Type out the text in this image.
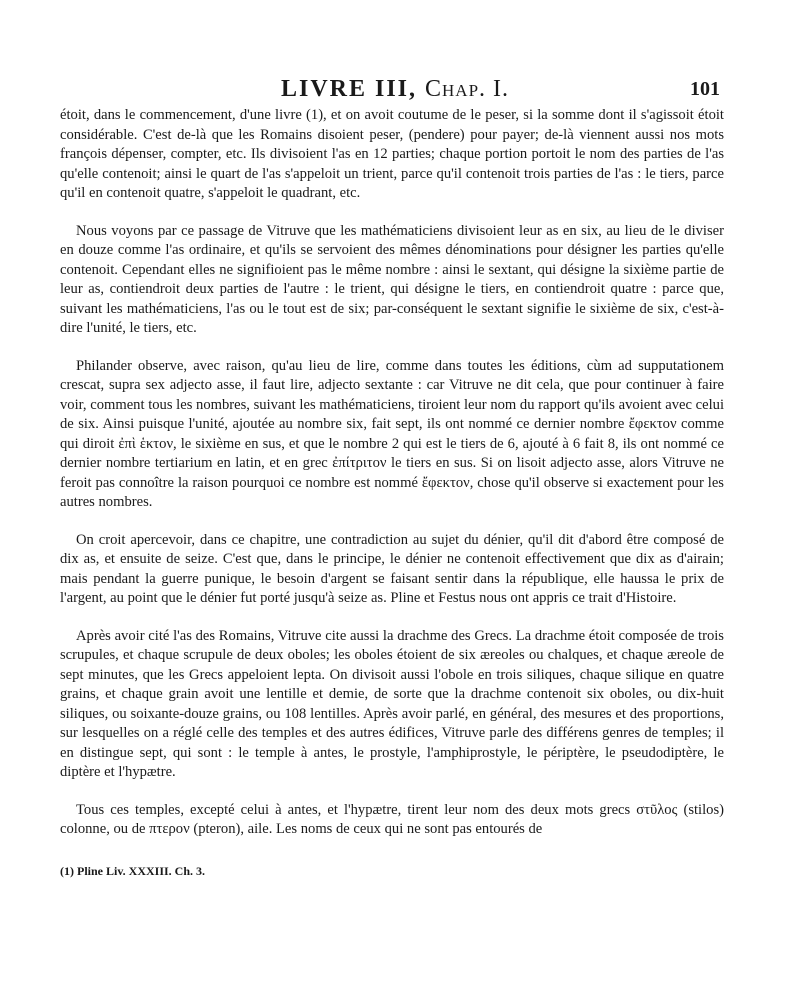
LIVRE III, Chap. I.	101

étoit, dans le commencement, d'une livre (1), et on avoit coutume de le peser, si la somme dont il s'agissoit étoit considérable. C'est de-là que les Romains disoient peser, (pendere) pour payer; de-là viennent aussi nos mots françois dépenser, compter, etc. Ils divisoient l'as en 12 parties; chaque portion portoit le nom des parties de l'as qu'elle contenoit; ainsi le quart de l'as s'appeloit un trient, parce qu'il contenoit trois parties de l'as : le tiers, parce qu'il en contenoit quatre, s'appeloit le quadrant, etc.

Nous voyons par ce passage de Vitruve que les mathématiciens divisoient leur as en six, au lieu de le diviser en douze comme l'as ordinaire, et qu'ils se servoient des mêmes dénominations pour désigner les parties qu'elle contenoit. Cependant elles ne signifioient pas le même nombre : ainsi le sextant, qui désigne la sixième partie de leur as, contiendroit deux parties de l'autre : le trient, qui désigne le tiers, en contiendroit quatre : parce que, suivant les mathématiciens, l'as ou le tout est de six; par-conséquent le sextant signifie le sixième de six, c'est-à-dire l'unité, le tiers, etc.

Philander observe, avec raison, qu'au lieu de lire, comme dans toutes les éditions, cùm ad supputationem crescat, supra sex adjecto asse, il faut lire, adjecto sextante : car Vitruve ne dit cela, que pour continuer à faire voir, comment tous les nombres, suivant les mathématiciens, tiroient leur nom du rapport qu'ils avoient avec celui de six. Ainsi puisque l'unité, ajoutée au nombre six, fait sept, ils ont nommé ce dernier nombre ἔφεκτον comme qui diroit ἐπὶ ἑκτον, le sixième en sus, et que le nombre 2 qui est le tiers de 6, ajouté à 6 fait 8, ils ont nommé ce dernier nombre tertiarium en latin, et en grec ἐπίτριτον le tiers en sus. Si on lisoit adjecto asse, alors Vitruve ne feroit pas connoître la raison pourquoi ce nombre est nommé ἔφεκτον, chose qu'il observe si exactement pour les autres nombres.

On croit apercevoir, dans ce chapitre, une contradiction au sujet du dénier, qu'il dit d'abord être composé de dix as, et ensuite de seize. C'est que, dans le principe, le dénier ne contenoit effectivement que dix as d'airain; mais pendant la guerre punique, le besoin d'argent se faisant sentir dans la république, elle haussa le prix de l'argent, au point que le dénier fut porté jusqu'à seize as. Pline et Festus nous ont appris ce trait d'Histoire.

Après avoir cité l'as des Romains, Vitruve cite aussi la drachme des Grecs. La drachme étoit composée de trois scrupules, et chaque scrupule de deux oboles; les oboles étoient de six æreoles ou chalques, et chaque æreole de sept minutes, que les Grecs appeloient lepta. On divisoit aussi l'obole en trois siliques, chaque silique en quatre grains, et chaque grain avoit une lentille et demie, de sorte que la drachme contenoit six oboles, ou dix-huit siliques, ou soixante-douze grains, ou 108 lentilles. Après avoir parlé, en général, des mesures et des proportions, sur lesquelles on a réglé celle des temples et des autres édifices, Vitruve parle des différens genres de temples; il en distingue sept, qui sont : le temple à antes, le prostyle, l'amphiprostyle, le périptère, le pseudodiptère, le diptère et l'hypætre.

Tous ces temples, excepté celui à antes, et l'hypætre, tirent leur nom des deux mots grecs στῦλος (stilos) colonne, ou de πτερον (pteron), aile. Les noms de ceux qui ne sont pas entourés de

(1) Pline Liv. XXXIII. Ch. 3.
